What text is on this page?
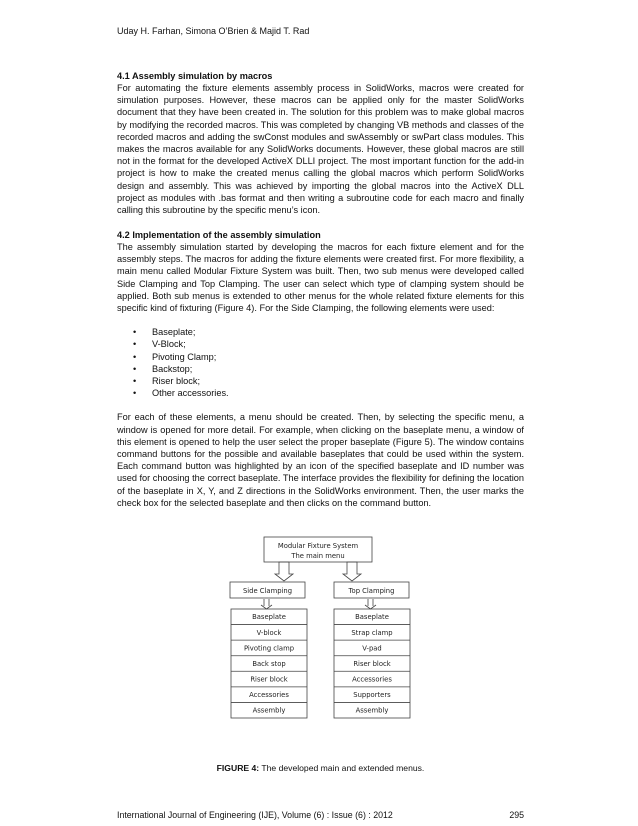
Uday H. Farhan, Simona O’Brien & Majid T. Rad

4.1 Assembly simulation by macros

For automating the fixture elements assembly process in SolidWorks, macros were created for simulation purposes. However, these macros can be applied only for the master SolidWorks document that they have been created in. The solution for this problem was to make global macros by modifying the recorded macros. This was completed by changing VB methods and classes of the recorded macros and adding the swConst modules and swAssembly or swPart class modules. This makes the macros available for any SolidWorks documents. However, these global macros are still not in the format for the developed ActiveX DLLI project. The most important function for the add-in project is how to make the created menus calling the global macros which perform SolidWorks design and assembly. This was achieved by importing the global macros into the ActiveX DLL project as modules with .bas format and then writing a subroutine code for each macro and finally calling this subroutine by the specific menu’s icon.

4.2 Implementation of the assembly simulation

The assembly simulation started by developing the macros for each fixture element and for the assembly steps. The macros for adding the fixture elements were created first. For more flexibility, a main menu called Modular Fixture System was built. Then, two sub menus were developed called Side Clamping and Top Clamping. The user can select which type of clamping system should be applied. Both sub menus is extended to other menus for the whole related fixture elements for this specific kind of fixturing (Figure 4). For the Side Clamping, the following elements were used:

• Baseplate;
• V-Block;
• Pivoting Clamp;
• Backstop;
• Riser block;
• Other accessories.

For each of these elements, a menu should be created. Then, by selecting the specific menu, a window is opened for more detail. For example, when clicking on the baseplate menu, a window of this element is opened to help the user select the proper baseplate (Figure 5). The window contains command buttons for the possible and available baseplates that could be used within the system. Each command button was highlighted by an icon of the specified baseplate and ID number was used for choosing the correct baseplate. The interface provides the flexibility for defining the location of the baseplate in X, Y, and Z directions in the SolidWorks environment. Then, the user marks the check box for the selected baseplate and then clicks on the command button.

Modular Fixture System
The main menu
Side Clamping	Top Clamping
Baseplate
V-block
Pivoting clamp
Back stop
Riser block
Accessories
Assembly
Baseplate
Strap clamp
V-pad
Riser block
Accessories
Supporters
Assembly
FIGURE 4: The developed main and extended menus.
International Journal of Engineering (IJE), Volume (6) : Issue (6) : 2012	295
